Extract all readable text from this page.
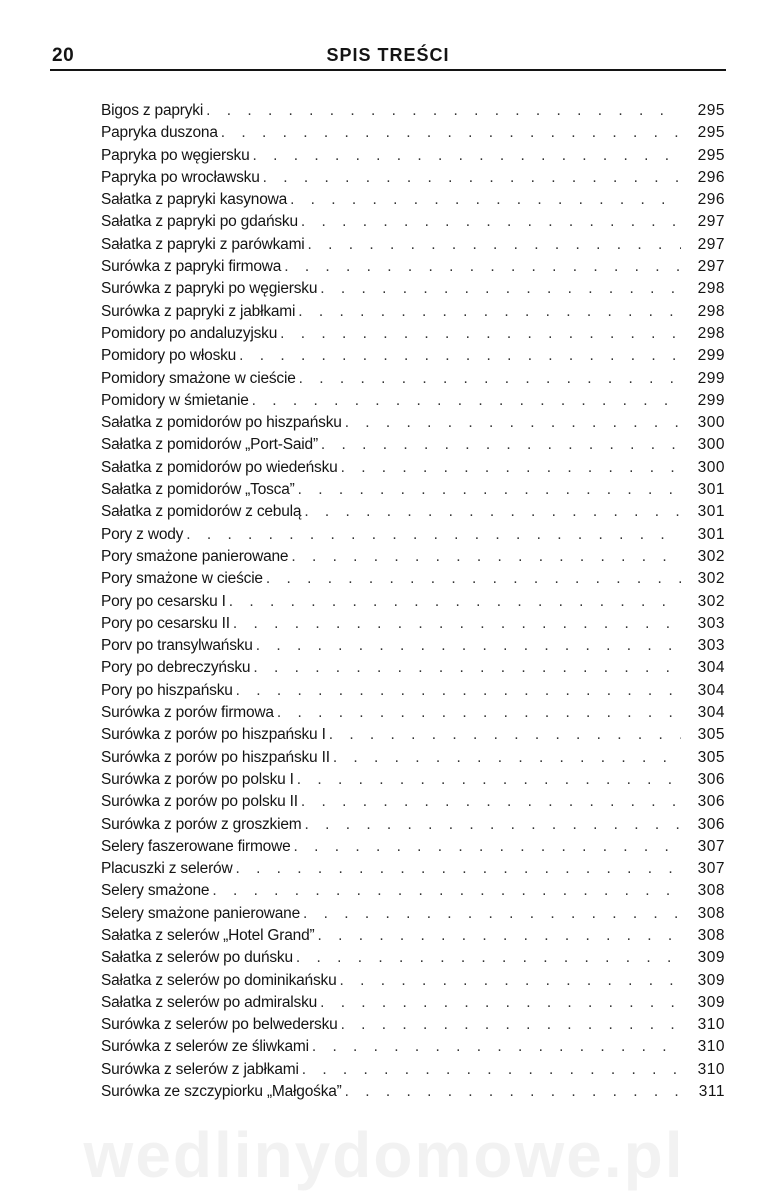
20	SPIS TREŚCI
Bigos z papryki . . .	295
Papryka duszona . . .	295
Papryka po węgiersku . . .	295
Papryka po wrocławsku . . .	296
Sałatka z papryki kasynowa . . .	296
Sałatka z papryki po gdańsku . . .	297
Sałatka z papryki z parówkami . . .	297
Surówka z papryki firmowa . . .	297
Surówka z papryki po węgiersku . . .	298
Surówka z papryki z jabłkami . . .	298
Pomidory po andaluzyjsku . . .	298
Pomidory po włosku . . .	299
Pomidory smażone w cieście . . .	299
Pomidory w śmietanie . . .	299
Sałatka z pomidorów po hiszpańsku . . .	300
Sałatka z pomidorów „Port-Said” . . .	300
Sałatka z pomidorów po wiedeńsku . . .	300
Sałatka z pomidorów „Tosca” . . .	301
Sałatka z pomidorów z cebulą . . .	301
Pory z wody . . .	301
Pory smażone panierowane . . .	302
Pory smażone w cieście . . .	302
Pory po cesarsku I . . .	302
Pory po cesarsku II . . .	303
Porv po transylwańsku . . .	303
Pory po debreczyńsku . . .	304
Pory po hiszpańsku . . .	304
Surówka z porów firmowa . . .	304
Surówka z porów po hiszpańsku I . . .	305
Surówka z porów po hiszpańsku II . . .	305
Surówka z porów po polsku I . . .	306
Surówka z porów po polsku II . . .	306
Surówka z porów z groszkiem . . .	306
Selery faszerowane firmowe . . .	307
Placuszki z selerów . . .	307
Selery smażone . . .	308
Selery smażone panierowane . . .	308
Sałatka z selerów „Hotel Grand” . . .	308
Sałatka z selerów po duńsku . . .	309
Sałatka z selerów po dominikańsku . . .	309
Sałatka z selerów po admiralsku . . .	309
Surówka z selerów po belwedersku . . .	310
Surówka z selerów ze śliwkami . . .	310
Surówka z selerów z jabłkami . . .	310
Surówka ze szczypiorku „Małgośka” . . .	311
wedlinydomowe.pl
